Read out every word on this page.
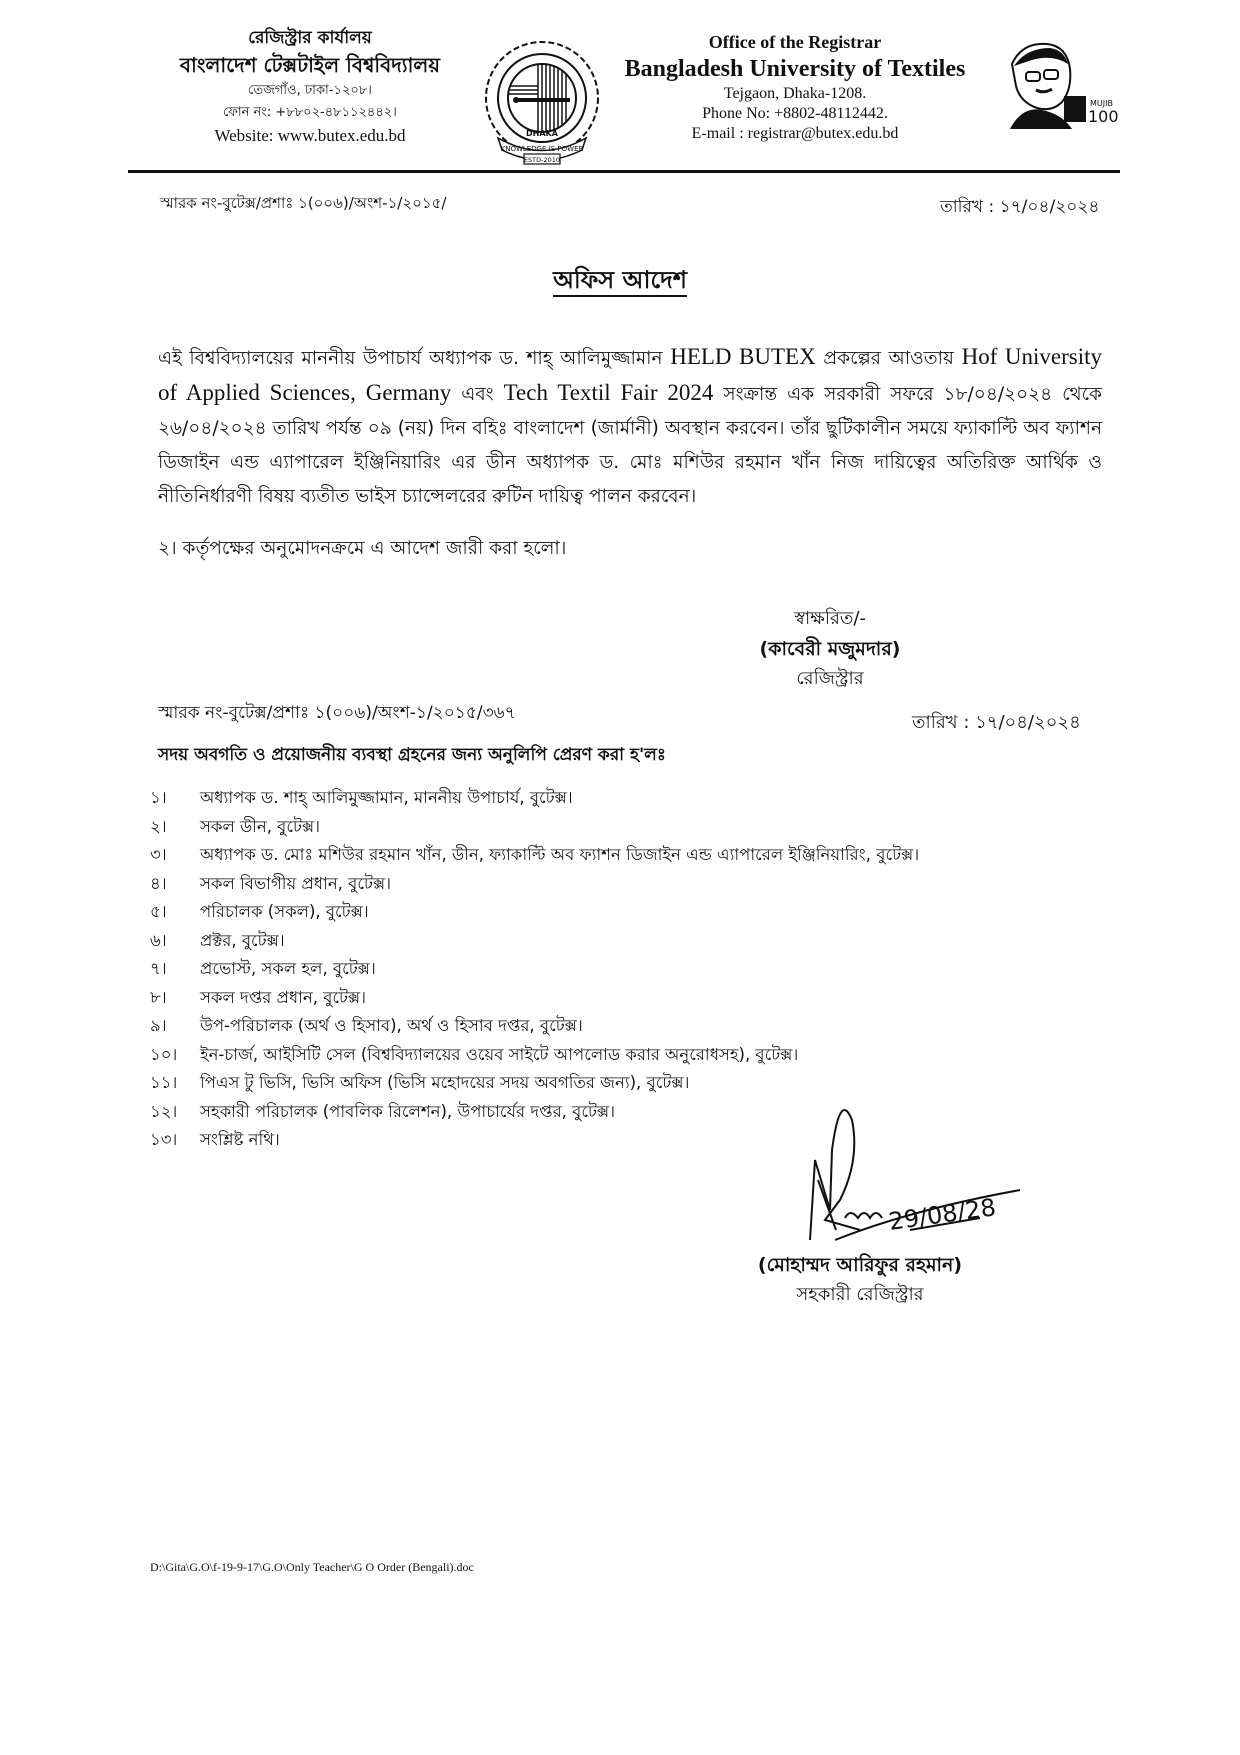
রেজিস্ট্রার কার্যালয়
বাংলাদেশ টেক্সটাইল বিশ্ববিদ্যালয়
তেজগাঁও, ঢাকা-১২০৮।
ফোন নং: +৮৮০২-৪৮১১২৪৪২।
Website: www.butex.edu.bd
KNOWLEDGE IS POWER
ESTD-2010
DHAKA
Office of the Registrar
Bangladesh University of Textiles
Tejgaon, Dhaka-1208.
Phone No: +8802-48112442.
E-mail : registrar@butex.edu.bd
MUJIB
100
স্মারক নং-বুটেক্স/প্রশাঃ ১(০০৬)/অংশ-১/২০১৫/	তারিখ : ১৭/০৪/২০২৪
অফিস আদেশ
এই বিশ্ববিদ্যালয়ের মাননীয় উপাচার্য অধ্যাপক ড. শাহ্ আলিমুজ্জামান HELD BUTEX প্রকল্পের আওতায় Hof University of Applied Sciences, Germany এবং Tech Textil Fair 2024 সংক্রান্ত এক সরকারী সফরে ১৮/০৪/২০২৪ থেকে ২৬/০৪/২০২৪ তারিখ পর্যন্ত ০৯ (নয়) দিন বহিঃ বাংলাদেশ (জার্মানী) অবস্থান করবেন। তাঁর ছুটিকালীন সময়ে ফ্যাকাল্টি অব ফ্যাশন ডিজাইন এন্ড এ্যাপারেল ইঞ্জিনিয়ারিং এর ডীন অধ্যাপক ড. মোঃ মশিউর রহমান খাঁন নিজ দায়িত্বের অতিরিক্ত আর্থিক ও নীতিনির্ধারণী বিষয় ব্যতীত ভাইস চ্যান্সেলরের রুটিন দায়িত্ব পালন করবেন।
২। কর্তৃপক্ষের অনুমোদনক্রমে এ আদেশ জারী করা হলো।
স্বাক্ষরিত/-
(কাবেরী মজুমদার)
রেজিস্ট্রার
স্মারক নং-বুটেক্স/প্রশাঃ ১(০০৬)/অংশ-১/২০১৫/৩৬৭	তারিখ : ১৭/০৪/২০২৪
সদয় অবগতি ও প্রয়োজনীয় ব্যবস্থা গ্রহনের জন্য অনুলিপি প্রেরণ করা হ'লঃ
১।	অধ্যাপক ড. শাহ্ আলিমুজ্জামান, মাননীয় উপাচার্য, বুটেক্স।
২।	সকল ডীন, বুটেক্স।
৩।	অধ্যাপক ড. মোঃ মশিউর রহমান খাঁন, ডীন, ফ্যাকাল্টি অব ফ্যাশন ডিজাইন এন্ড এ্যাপারেল ইঞ্জিনিয়ারিং, বুটেক্স।
৪।	সকল বিভাগীয় প্রধান, বুটেক্স।
৫।	পরিচালক (সকল), বুটেক্স।
৬।	প্রক্টর, বুটেক্স।
৭।	প্রভোস্ট, সকল হল, বুটেক্স।
৮।	সকল দপ্তর প্রধান, বুটেক্স।
৯।	উপ-পরিচালক (অর্থ ও হিসাব), অর্থ ও হিসাব দপ্তর, বুটেক্স।
১০।	ইন-চার্জ, আইসিটি সেল (বিশ্ববিদ্যালয়ের ওয়েব সাইটে আপলোড করার অনুরোধসহ), বুটেক্স।
১১।	পিএস টু ভিসি, ভিসি অফিস (ভিসি মহোদয়ের সদয় অবগতির জন্য), বুটেক্স।
১২।	সহকারী পরিচালক (পাবলিক রিলেশন), উপাচার্যের দপ্তর, বুটেক্স।
১৩।	সংশ্লিষ্ট নথি।
29/08/28
(মোহাম্মদ আরিফুর রহমান)
সহকারী রেজিস্ট্রার
D:\Gita\G.O\f-19-9-17\G.O\Only Teacher\G O Order (Bengali).doc
